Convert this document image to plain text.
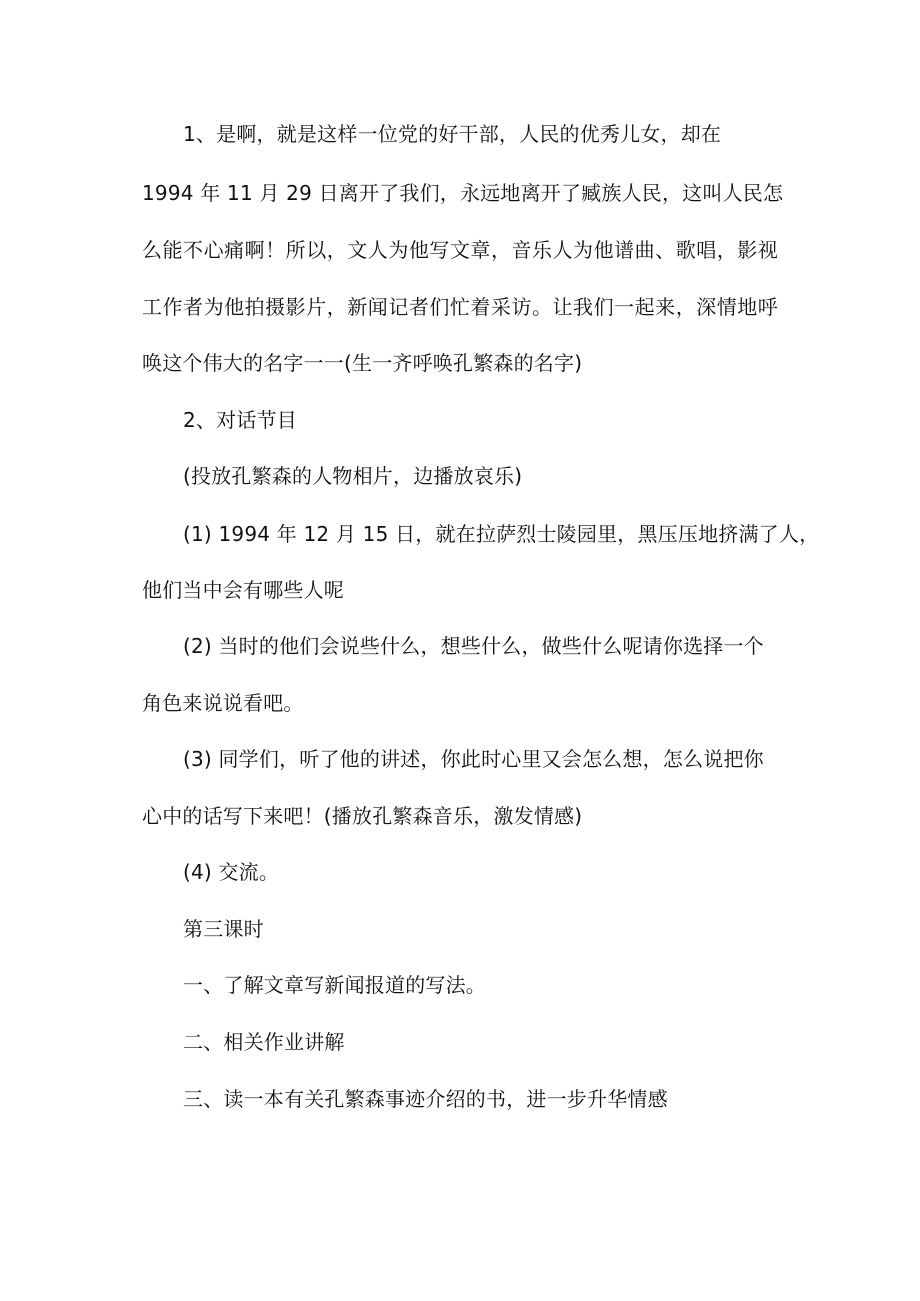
1、是啊，就是这样一位党的好干部，人民的优秀儿女，却在
1994 年 11 月 29 日离开了我们，永远地离开了臧族人民，这叫人民怎
么能不心痛啊！所以，文人为他写文章，音乐人为他谱曲、歌唱，影视
工作者为他拍摄影片，新闻记者们忙着采访。让我们一起来，深情地呼
唤这个伟大的名字一一(生一齐呼唤孔繁森的名字)
2、对话节目
(投放孔繁森的人物相片，边播放哀乐)
(1) 1994 年 12 月 15 日，就在拉萨烈士陵园里，黑压压地挤满了人，
他们当中会有哪些人呢
(2) 当时的他们会说些什么，想些什么，做些什么呢请你选择一个
角色来说说看吧。
(3) 同学们，听了他的讲述，你此时心里又会怎么想，怎么说把你
心中的话写下来吧！(播放孔繁森音乐，激发情感)
(4) 交流。
第三课时
一、了解文章写新闻报道的写法。
二、相关作业讲解
三、读一本有关孔繁森事迹介绍的书，进一步升华情感
